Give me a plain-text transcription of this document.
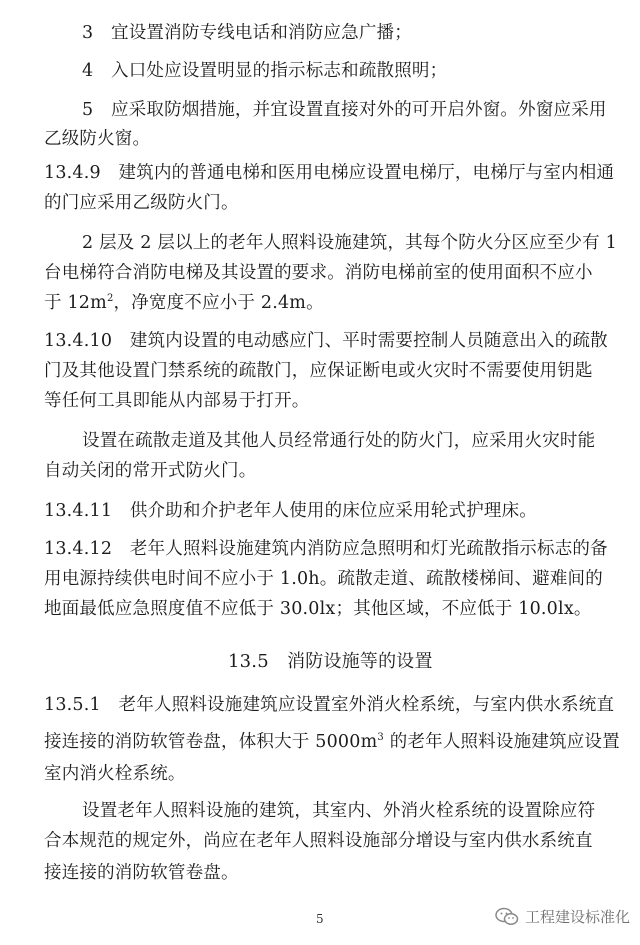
3　宜设置消防专线电话和消防应急广播；
4　入口处应设置明显的指示标志和疏散照明；
5　应采取防烟措施，并宜设置直接对外的可开启外窗。外窗应采用
乙级防火窗。
13.4.9　建筑内的普通电梯和医用电梯应设置电梯厅，电梯厅与室内相通
的门应采用乙级防火门。
2 层及 2 层以上的老年人照料设施建筑，其每个防火分区应至少有 1
台电梯符合消防电梯及其设置的要求。消防电梯前室的使用面积不应小
于 $12m^2$，净宽度不应小于 2.4m。
13.4.10　建筑内设置的电动感应门、平时需要控制人员随意出入的疏散
门及其他设置门禁系统的疏散门，应保证断电或火灾时不需要使用钥匙
等任何工具即能从内部易于打开。
设置在疏散走道及其他人员经常通行处的防火门，应采用火灾时能
自动关闭的常开式防火门。
13.4.11　供介助和介护老年人使用的床位应采用轮式护理床。
13.4.12　老年人照料设施建筑内消防应急照明和灯光疏散指示标志的备
用电源持续供电时间不应小于 1.0h。疏散走道、疏散楼梯间、避难间的
地面最低应急照度值不应低于 30.0lx；其他区域，不应低于 10.0lx。
13.5　消防设施等的设置
13.5.1　老年人照料设施建筑应设置室外消火栓系统，与室内供水系统直
接连接的消防软管卷盘，体积大于 $5000m^3$ 的老年人照料设施建筑应设置
室内消火栓系统。
设置老年人照料设施的建筑，其室内、外消火栓系统的设置除应符
合本规范的规定外，尚应在老年人照料设施部分增设与室内供水系统直
接连接的消防软管卷盘。
5	工程建设标准化
